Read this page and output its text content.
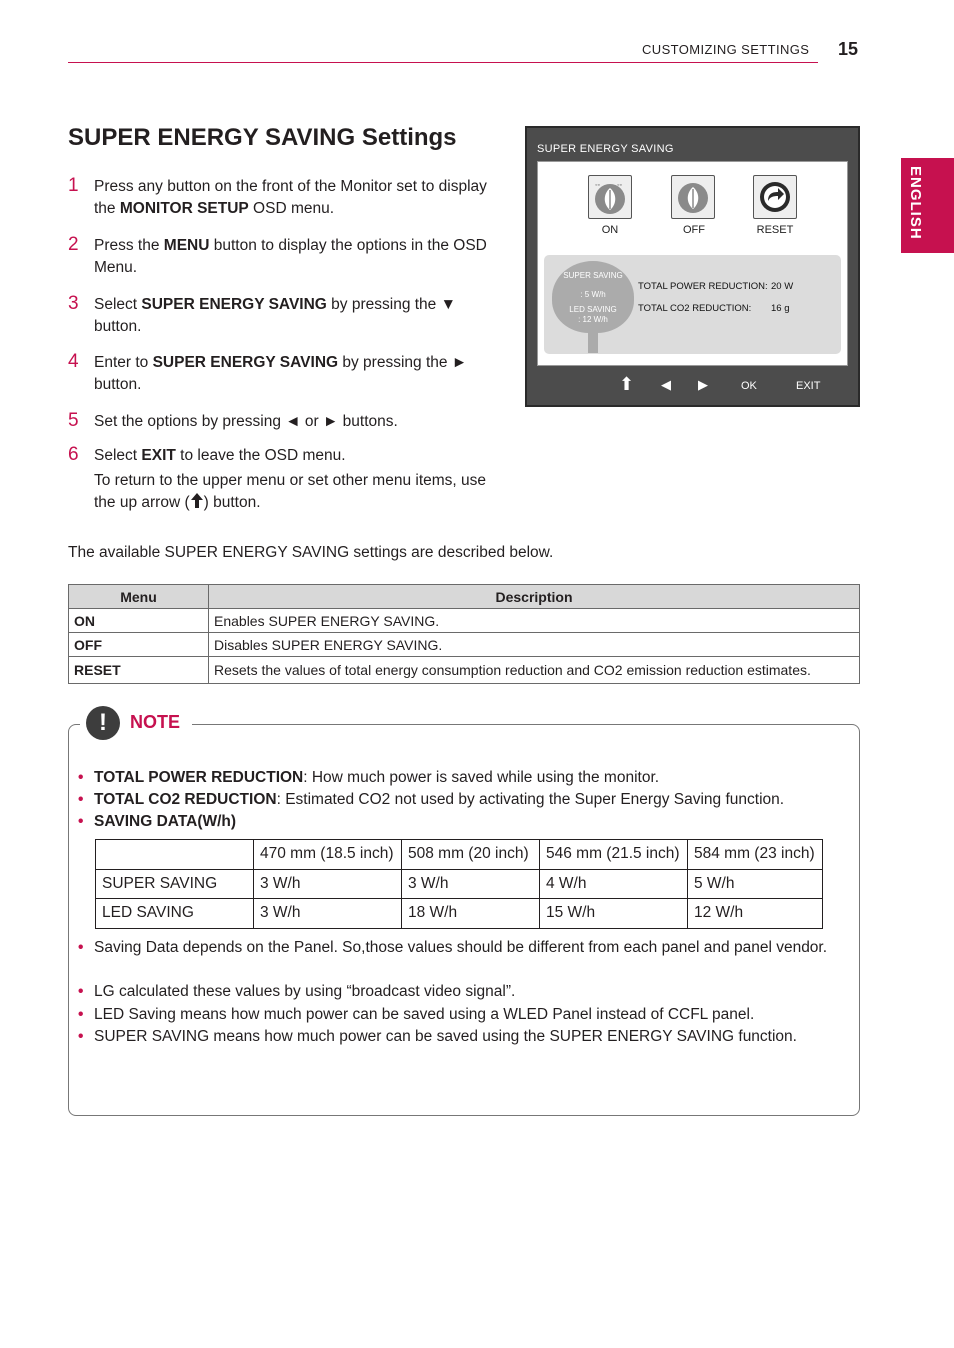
CUSTOMIZING SETTINGS 15
ENGLISH
SUPER ENERGY SAVING Settings
1 Press any button on the front of the Monitor set to display the MONITOR SETUP OSD menu.
2 Press the MENU button to display the options in the OSD Menu.
3 Select SUPER ENERGY SAVING by pressing the ▼ button.
4 Enter to SUPER ENERGY SAVING by pressing the ► button.
5 Set the options by pressing ◄ or ► buttons.
6 Select EXIT to leave the OSD menu.
To return to the upper menu or set other menu items, use the up arrow ( ) button.
SUPER ENERGY SAVING
◦◦ ◦◦
ON	OFF	RESET
SUPER SAVING
: 5 W/h
LED SAVING
: 12 W/h
TOTAL POWER REDUCTION: 20 W
TOTAL CO2 REDUCTION: 16 g
⬆ ◀ ▶	OK	EXIT

The available SUPER ENERGY SAVING settings are described below.

Menu	Description
ON	Enables SUPER ENERGY SAVING.
OFF	Disables SUPER ENERGY SAVING.
RESET	Resets the values of total energy consumption reduction and CO2 emission reduction estimates.
!	NOTE
• TOTAL POWER REDUCTION: How much power is saved while using the monitor.
• TOTAL CO2 REDUCTION: Estimated CO2 not used by activating the Super Energy Saving function.
• SAVING DATA(W/h)
	470 mm (18.5 inch)	508 mm (20 inch)	546 mm (21.5 inch)	584 mm (23 inch)
SUPER SAVING	3 W/h	3 W/h	4 W/h	5 W/h
LED SAVING	3 W/h	18 W/h	15 W/h	12 W/h
• Saving Data depends on the Panel. So,those values should be different from each panel and panel vendor.
• LG calculated these values by using “broadcast video signal”.
• LED Saving means how much power can be saved using a WLED Panel instead of CCFL panel.
• SUPER SAVING means how much power can be saved using the SUPER ENERGY SAVING function.
